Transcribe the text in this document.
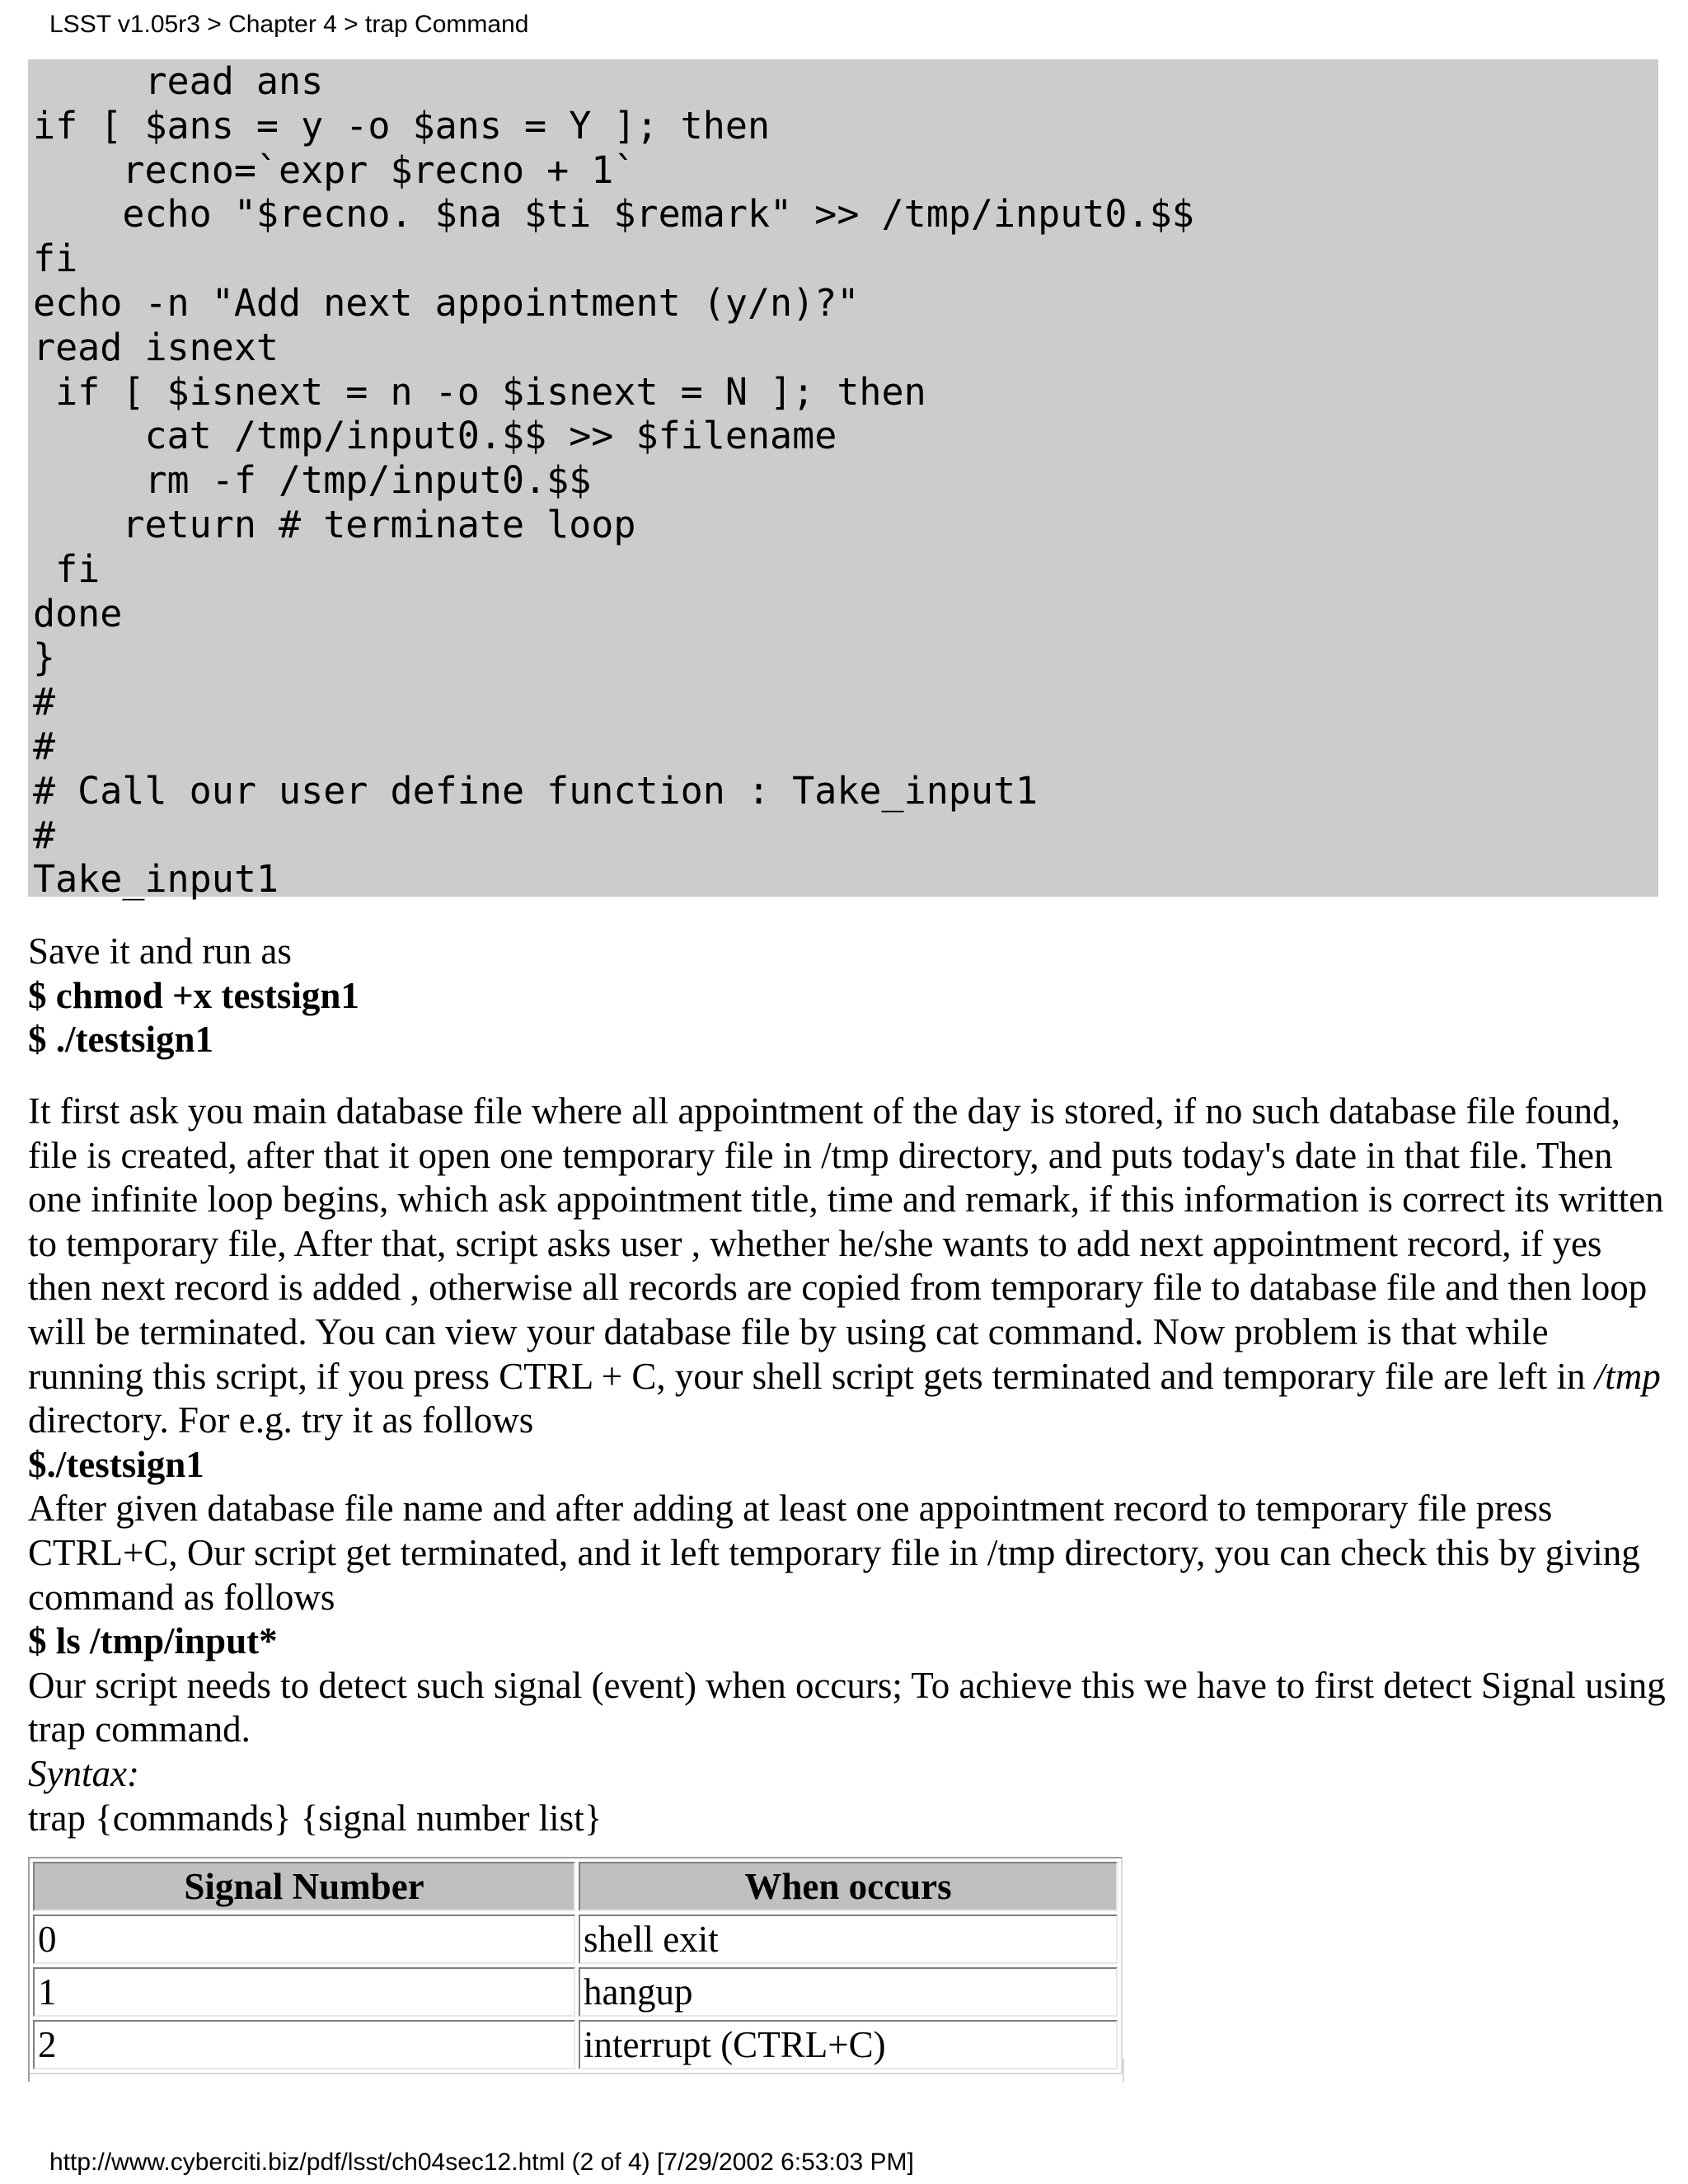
LSST v1.05r3 > Chapter 4 > trap Command
read ans
if [ $ans = y -o $ans = Y ]; then
recno=`expr $recno + 1`
echo "$recno. $na $ti $remark" >> /tmp/input0.$$
fi
echo -n "Add next appointment (y/n)?"
read isnext
if [ $isnext = n -o $isnext = N ]; then
cat /tmp/input0.$$ >> $filename
rm -f /tmp/input0.$$
return # terminate loop
fi
done
}
#
#
# Call our user define function : Take_input1
#
Take_input1
Save it and run as
$ chmod +x testsign1
$ ./testsign1
It first ask you main database file where all appointment of the day is stored, if no such database file found, file is created, after that it open one temporary file in /tmp directory, and puts today's date in that file. Then one infinite loop begins, which ask appointment title, time and remark, if this information is correct its written to temporary file, After that, script asks user , whether he/she wants to add next appointment record, if yes then next record is added , otherwise all records are copied from temporary file to database file and then loop will be terminated. You can view your database file by using cat command. Now problem is that while running this script, if you press CTRL + C, your shell script gets terminated and temporary file are left in /tmp directory. For e.g. try it as follows
$./testsign1
After given database file name and after adding at least one appointment record to temporary file press CTRL+C, Our script get terminated, and it left temporary file in /tmp directory, you can check this by giving command as follows
$ ls /tmp/input*
Our script needs to detect such signal (event) when occurs; To achieve this we have to first detect Signal using trap command.
Syntax:
trap {commands} {signal number list}
Signal Number	When occurs
0	shell exit
1	hangup
2	interrupt (CTRL+C)
http://www.cyberciti.biz/pdf/lsst/ch04sec12.html (2 of 4) [7/29/2002 6:53:03 PM]
